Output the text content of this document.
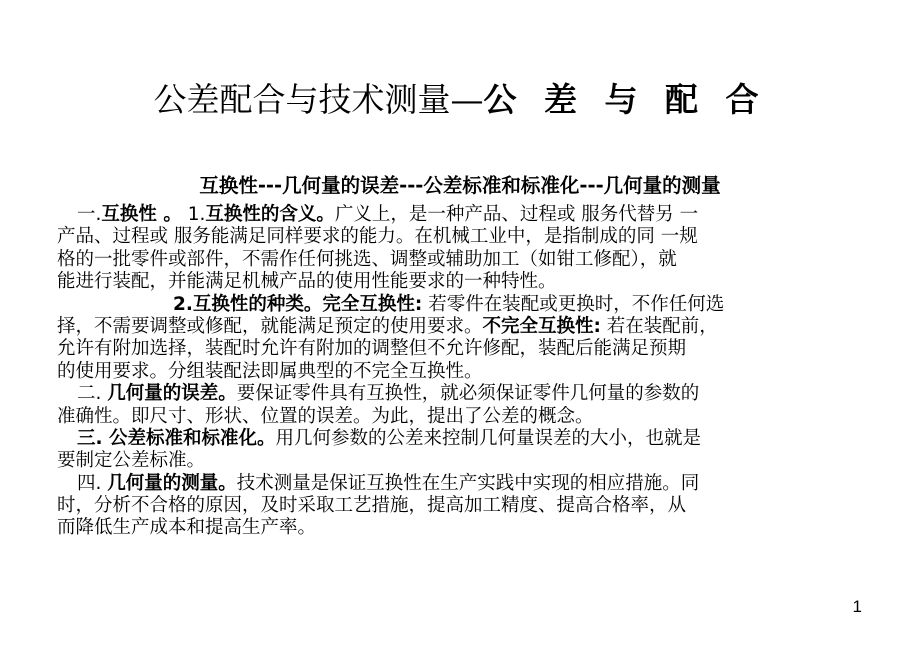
公差配合与技术测量—公 差 与 配 合
互换性---几何量的误差---公差标准和标准化---几何量的测量
一.互换性 。 1.互换性的含义。广义上，是一种产品、过程或 服务代替另 一
产品、过程或 服务能满足同样要求的能力。在机械工业中，是指制成的同 一规
格的一批零件或部件，不需作任何挑选、调整或辅助加工（如钳工修配），就
能进行装配，并能满足机械产品的使用性能要求的一种特性。
2.互换性的种类。完全互换性: 若零件在装配或更换时，不作任何选
择，不需要调整或修配，就能满足预定的使用要求。不完全互换性: 若在装配前，
允许有附加选择，装配时允许有附加的调整但不允许修配，装配后能满足预期
的使用要求。分组装配法即属典型的不完全互换性。
二. 几何量的误差。要保证零件具有互换性，就必须保证零件几何量的参数的
准确性。即尺寸、形状、位置的误差。为此，提出了公差的概念。
三. 公差标准和标准化。用几何参数的公差来控制几何量误差的大小，也就是
要制定公差标准。
四. 几何量的测量。技术测量是保证互换性在生产实践中实现的相应措施。同
时，分析不合格的原因，及时采取工艺措施，提高加工精度、提高合格率，从
而降低生产成本和提高生产率。
1
